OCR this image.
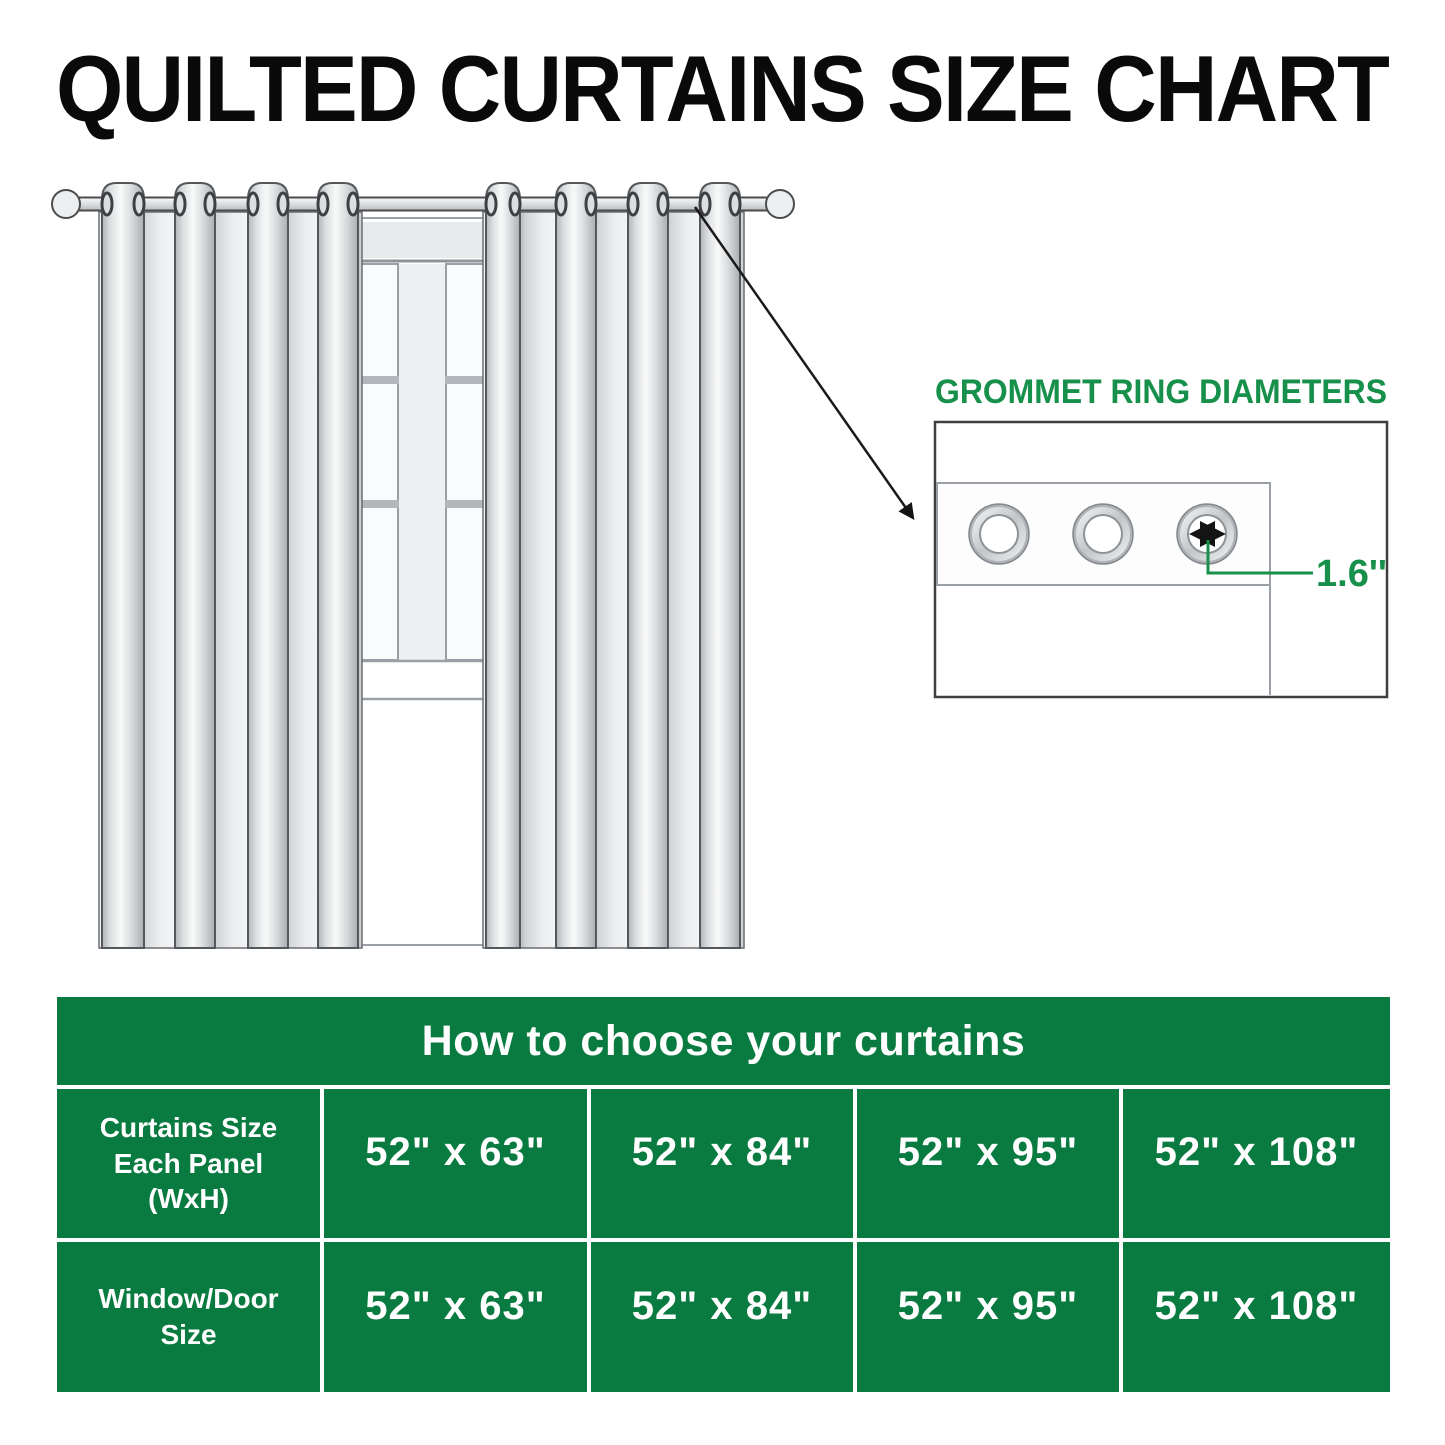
QUILTED CURTAINS SIZE CHART
GROMMET RING DIAMETERS
1.6''
How to choose your curtains
Curtains Size
Each Panel
(WxH)
52" x 63"	52" x 84"	52" x 95"	52" x 108"
Window/Door
Size
52" x 63"	52" x 84"	52" x 95"	52" x 108"
